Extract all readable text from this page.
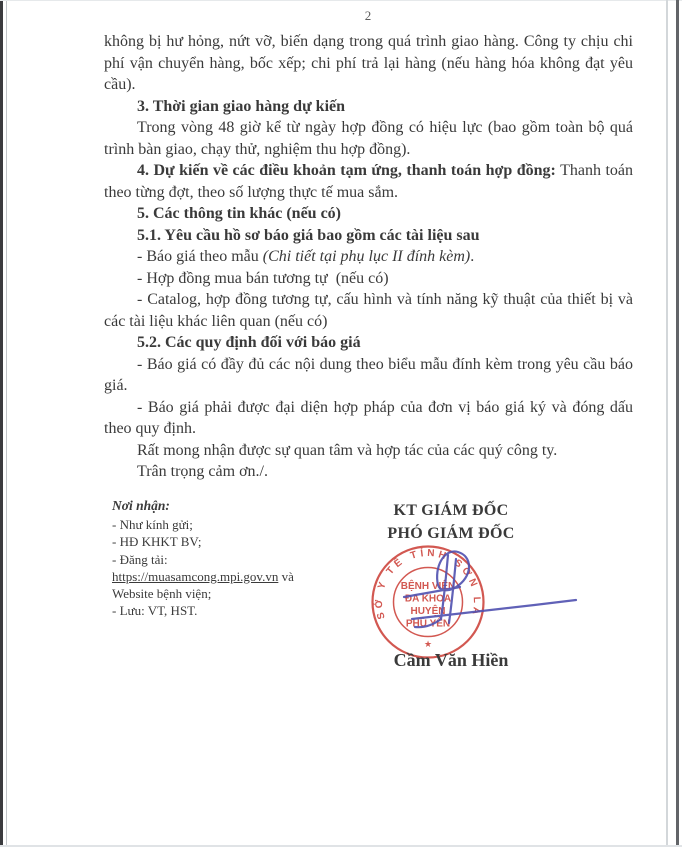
2

không bị hư hỏng, nứt vỡ, biến dạng trong quá trình giao hàng. Công ty chịu chi phí vận chuyển hàng, bốc xếp; chi phí trả lại hàng (nếu hàng hóa không đạt yêu cầu).

3. Thời gian giao hàng dự kiến

Trong vòng 48 giờ kể từ ngày hợp đồng có hiệu lực (bao gồm toàn bộ quá trình bàn giao, chạy thử, nghiệm thu hợp đồng).

4. Dự kiến về các điều khoản tạm ứng, thanh toán hợp đồng: Thanh toán theo từng đợt, theo số lượng thực tế mua sắm.

5. Các thông tin khác (nếu có)

5.1. Yêu cầu hồ sơ báo giá bao gồm các tài liệu sau

- Báo giá theo mẫu (Chi tiết tại phụ lục II đính kèm).

- Hợp đồng mua bán tương tự  (nếu có)

- Catalog, hợp đồng tương tự, cấu hình và tính năng kỹ thuật của thiết bị và các tài liệu khác liên quan (nếu có)

5.2. Các quy định đối với báo giá

- Báo giá có đầy đủ các nội dung theo biểu mẫu đính kèm trong yêu cầu báo giá.

- Báo giá phải được đại diện hợp pháp của đơn vị báo giá ký và đóng dấu theo quy định.

Rất mong nhận được sự quan tâm và hợp tác của các quý công ty.

Trân trọng cảm ơn./.

Nơi nhận:
- Như kính gửi;
- HĐ KHKT BV;
- Đăng tải:
https://muasamcong.mpi.gov.vn và
Website bệnh viện;
- Lưu: VT, HST.
KT GIÁM ĐỐC
PHÓ GIÁM ĐỐC
SỞ Y TẾ TỈNH SƠN LA
BỆNH VIỆN
ĐA KHOA
HUYỆN
PHÙ YÊN
★
Cầm Văn Hiền
